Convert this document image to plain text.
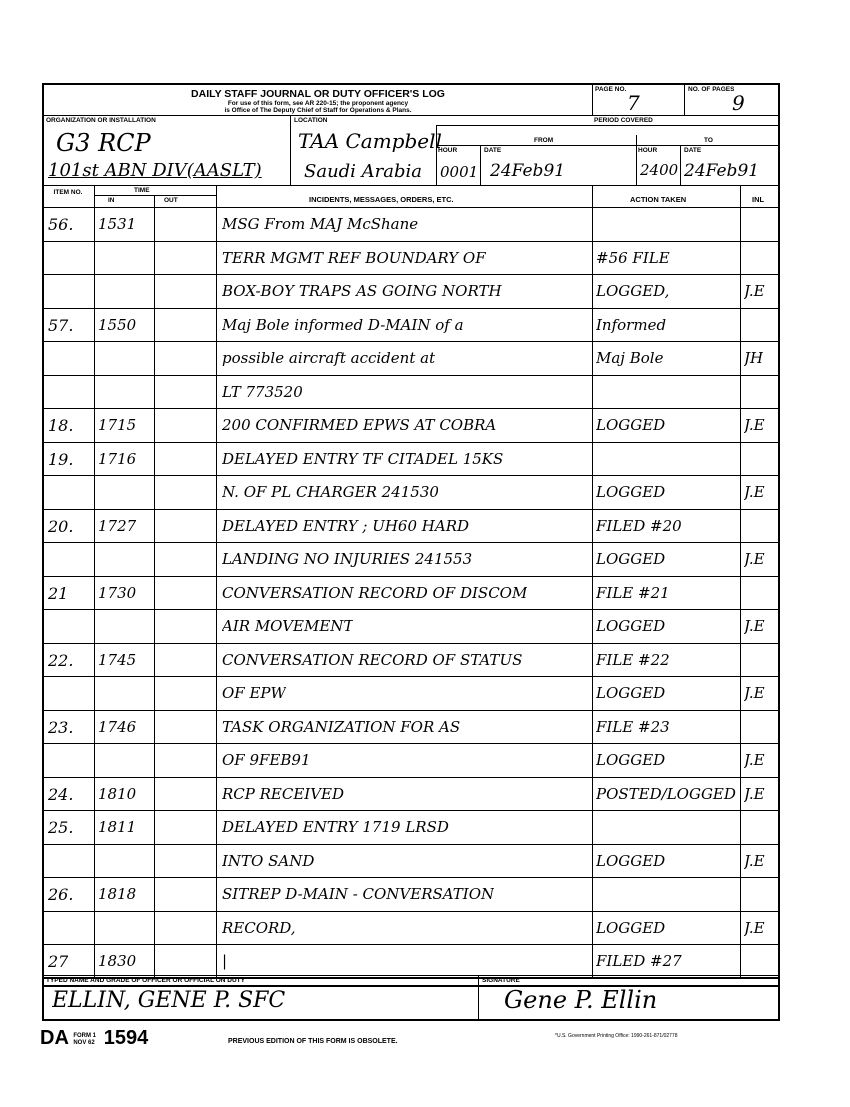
DAILY STAFF JOURNAL OR DUTY OFFICER'S LOG
For use of this form, see AR 220-15; the proponent agency
is Office of The Deputy Chief of Staff for Operations & Plans.
PAGE NO.
7
NO. OF PAGES
9
ORGANIZATION OR INSTALLATION
G3 RCP
101st ABN DIV(AASLT)
LOCATION
TAA Campbell
Saudi Arabia
PERIOD COVERED
FROM	TO
HOUR	DATE	HOUR	DATE
0001 24Feb91	2400 24Feb91
ITEM NO.	TIME
IN	OUT	INCIDENTS, MESSAGES, ORDERS, ETC.	ACTION TAKEN	INL
56. 1531	MSG From MAJ McShane
TERR MGMT REF BOUNDARY OF	#56 FILE
BOX-BOY TRAPS AS GOING NORTH	LOGGED,	J.E
57. 1550	Maj Bole informed D-MAIN of a	Informed
possible aircraft accident at	Maj Bole	JH
LT 773520
18. 1715	200 CONFIRMED EPWS AT COBRA	LOGGED	J.E
19. 1716	DELAYED ENTRY TF CITADEL 15KS
N. OF PL CHARGER 241530	LOGGED	J.E
20. 1727	DELAYED ENTRY ; UH60 HARD	FILED #20
LANDING NO INJURIES 241553	LOGGED	J.E
21 1730	CONVERSATION RECORD OF DISCOM	FILE #21
AIR MOVEMENT	LOGGED	J.E
22. 1745	CONVERSATION RECORD OF STATUS	FILE #22
OF EPW	LOGGED	J.E
23. 1746	TASK ORGANIZATION FOR AS	FILE #23
OF 9FEB91	LOGGED	J.E
24. 1810	RCP RECEIVED	POSTED/LOGGED J.E
25. 1811	DELAYED ENTRY 1719 LRSD
INTO SAND	LOGGED	J.E
26. 1818	SITREP D-MAIN - CONVERSATION
RECORD,	LOGGED	J.E
27 1830	|	FILED #27
TYPED NAME AND GRADE OF OFFICER OR OFFICIAL ON DUTY
ELLIN, GENE P. SFC
SIGNATURE
Gene P. Ellin
DA FORM 1 NOV 62 1594	PREVIOUS EDITION OF THIS FORM IS OBSOLETE.
*U.S. Government Printing Office: 1990-261-871/02778
